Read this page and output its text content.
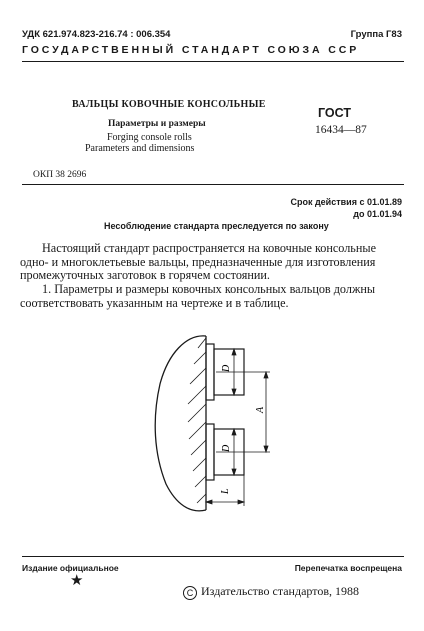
УДК 621.974.823-216.74 : 006.354	Группа Г83
ГОСУДАРСТВЕННЫЙ СТАНДАРТ СОЮЗА ССР
ВАЛЬЦЫ КОВОЧНЫЕ КОНСОЛЬНЫЕ
Параметры и размеры
Forging console rolls
Parameters and dimensions
ГОСТ
16434—87
ОКП 38 2696
Срок действия с 01.01.89
до 01.01.94
Несоблюдение стандарта преследуется по закону
Настоящий стандарт распространяется на ковочные консольные
одно- и многоклетьевые вальцы, предназначенные для изготовления
промежуточных заготовок в горячем состоянии.
1. Параметры и размеры ковочных консольных вальцов должны
соответствовать указанным на чертеже и в таблице.
D
D
A
L
Издание официальное	Перепечатка воспрещена
★
C Издательство стандартов, 1988
